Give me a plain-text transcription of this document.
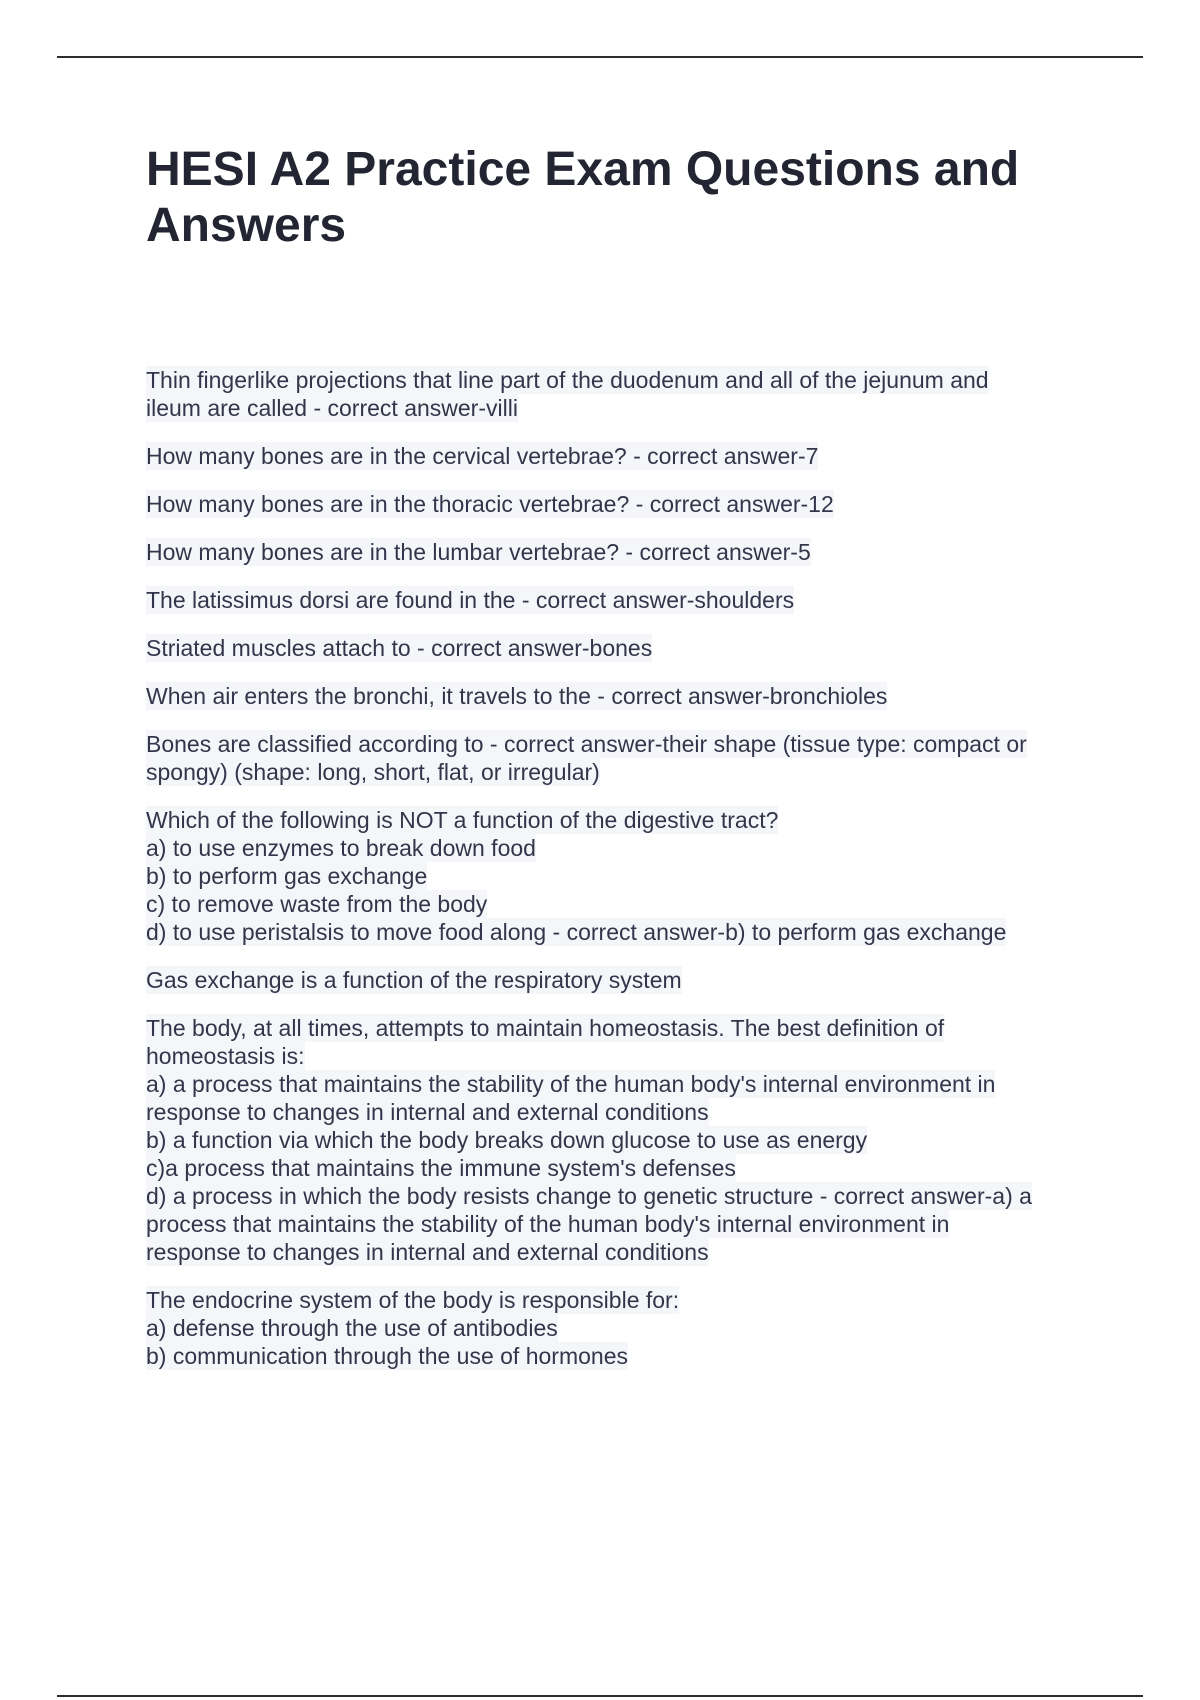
HESI A2 Practice Exam Questions and Answers
Thin fingerlike projections that line part of the duodenum and all of the jejunum and
ileum are called - correct answer-villi
How many bones are in the cervical vertebrae? - correct answer-7
How many bones are in the thoracic vertebrae? - correct answer-12
How many bones are in the lumbar vertebrae? - correct answer-5
The latissimus dorsi are found in the - correct answer-shoulders
Striated muscles attach to - correct answer-bones
When air enters the bronchi, it travels to the - correct answer-bronchioles
Bones are classified according to - correct answer-their shape (tissue type: compact or
spongy) (shape: long, short, flat, or irregular)
Which of the following is NOT a function of the digestive tract?
a) to use enzymes to break down food
b) to perform gas exchange
c) to remove waste from the body
d) to use peristalsis to move food along - correct answer-b) to perform gas exchange
Gas exchange is a function of the respiratory system
The body, at all times, attempts to maintain homeostasis. The best definition of
homeostasis is:
a) a process that maintains the stability of the human body's internal environment in
response to changes in internal and external conditions
b) a function via which the body breaks down glucose to use as energy
c)a process that maintains the immune system's defenses
d) a process in which the body resists change to genetic structure - correct answer-a) a
process that maintains the stability of the human body's internal environment in
response to changes in internal and external conditions
The endocrine system of the body is responsible for:
a) defense through the use of antibodies
b) communication through the use of hormones
